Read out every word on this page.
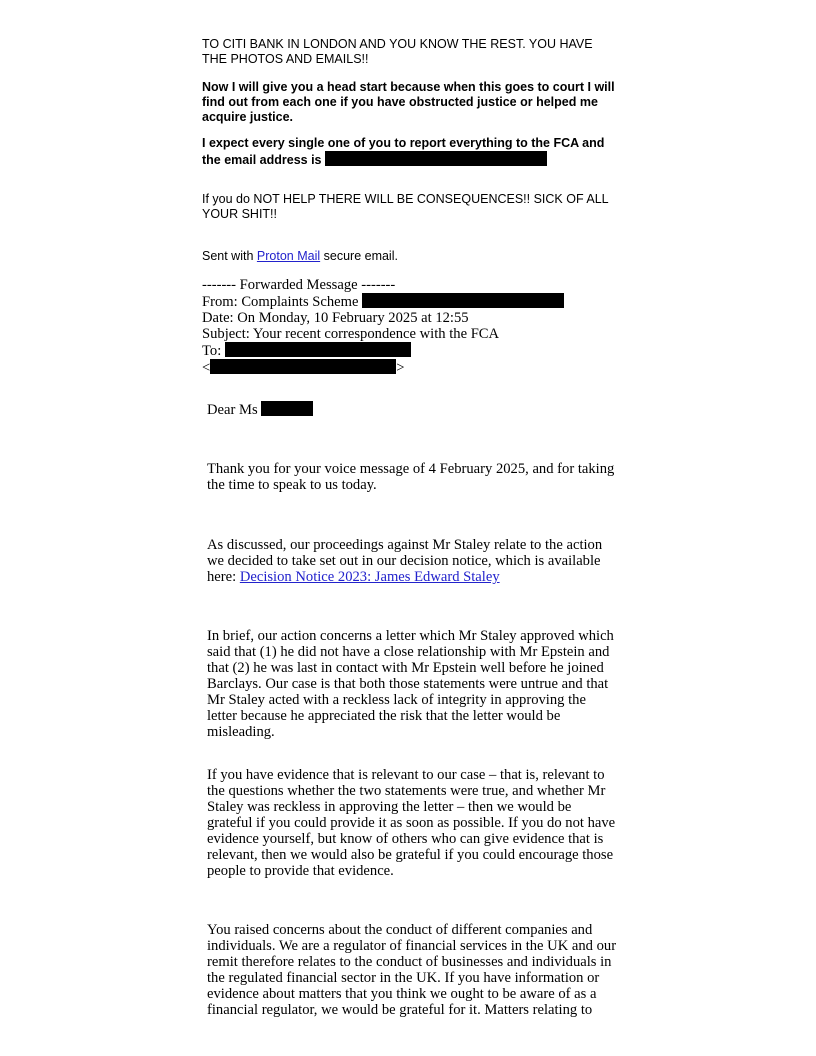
TO CITI BANK IN LONDON AND YOU KNOW THE REST. YOU HAVE THE PHOTOS AND EMAILS!!

Now I will give you a head start because when this goes to court I will find out from each one if you have obstructed justice or helped me acquire justice.

I expect every single one of you to report everything to the FCA and the email address is

If you do NOT HELP THERE WILL BE CONSEQUENCES!! SICK OF ALL YOUR SHIT!!

Sent with Proton Mail secure email.

------- Forwarded Message -------
From: Complaints Scheme
Date: On Monday, 10 February 2025 at 12:55
Subject: Your recent correspondence with the FCA
To:
<	>

Dear Ms

Thank you for your voice message of 4 February 2025, and for taking the time to speak to us today.

As discussed, our proceedings against Mr Staley relate to the action we decided to take set out in our decision notice, which is available here: Decision Notice 2023: James Edward Staley

In brief, our action concerns a letter which Mr Staley approved which said that (1) he did not have a close relationship with Mr Epstein and that (2) he was last in contact with Mr Epstein well before he joined Barclays. Our case is that both those statements were untrue and that Mr Staley acted with a reckless lack of integrity in approving the letter because he appreciated the risk that the letter would be misleading.

If you have evidence that is relevant to our case – that is, relevant to the questions whether the two statements were true, and whether Mr Staley was reckless in approving the letter – then we would be grateful if you could provide it as soon as possible. If you do not have evidence yourself, but know of others who can give evidence that is relevant, then we would also be grateful if you could encourage those people to provide that evidence.

You raised concerns about the conduct of different companies and individuals. We are a regulator of financial services in the UK and our remit therefore relates to the conduct of businesses and individuals in the regulated financial sector in the UK. If you have information or evidence about matters that you think we ought to be aware of as a financial regulator, we would be grateful for it. Matters relating to
